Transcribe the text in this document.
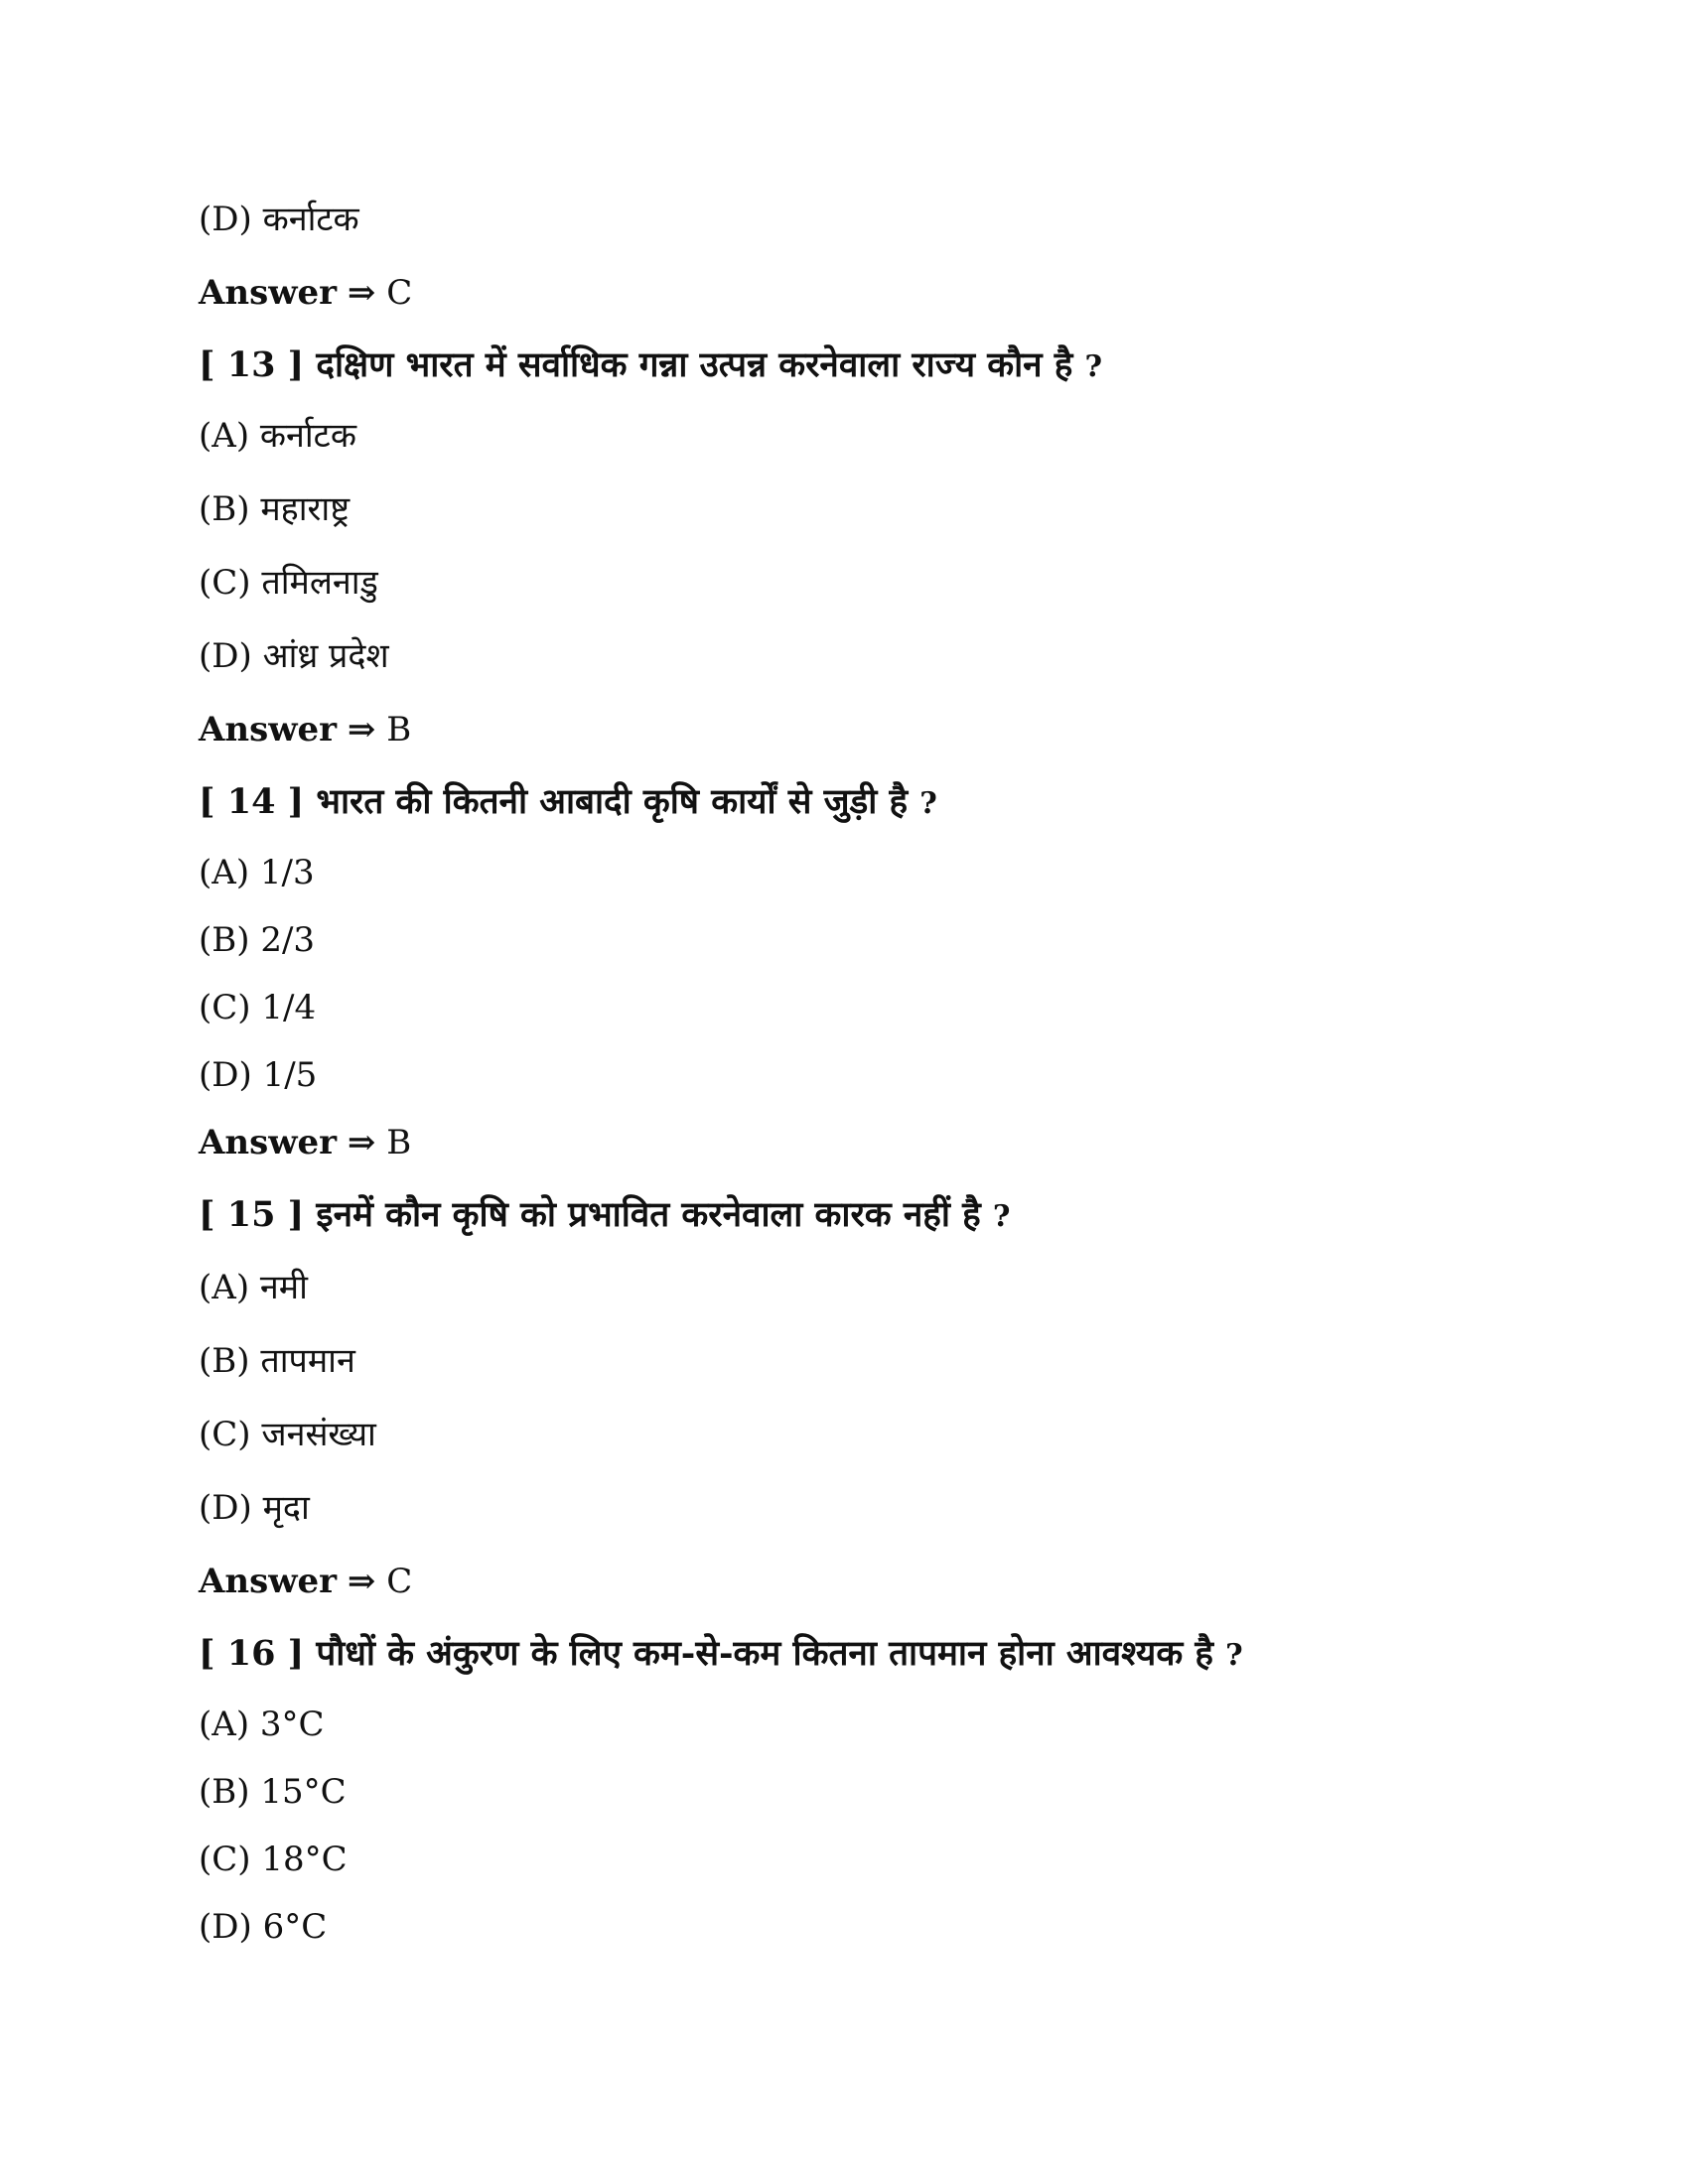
(D) कर्नाटक
Answer ⇒ C
[ 13 ] दक्षिण भारत में सर्वाधिक गन्ना उत्पन्न करनेवाला राज्य कौन है ?
(A) कर्नाटक
(B) महाराष्ट्र
(C) तमिलनाडु
(D) आंध्र प्रदेश
Answer ⇒ B
[ 14 ] भारत की कितनी आबादी कृषि कार्यों से जुड़ी है ?
(A) 1/3
(B) 2/3
(C) 1/4
(D) 1/5
Answer ⇒ B
[ 15 ] इनमें कौन कृषि को प्रभावित करनेवाला कारक नहीं है ?
(A) नमी
(B) तापमान
(C) जनसंख्या
(D) मृदा
Answer ⇒ C
[ 16 ] पौधों के अंकुरण के लिए कम-से-कम कितना तापमान होना आवश्यक है ?
(A) 3°C
(B) 15°C
(C) 18°C
(D) 6°C
